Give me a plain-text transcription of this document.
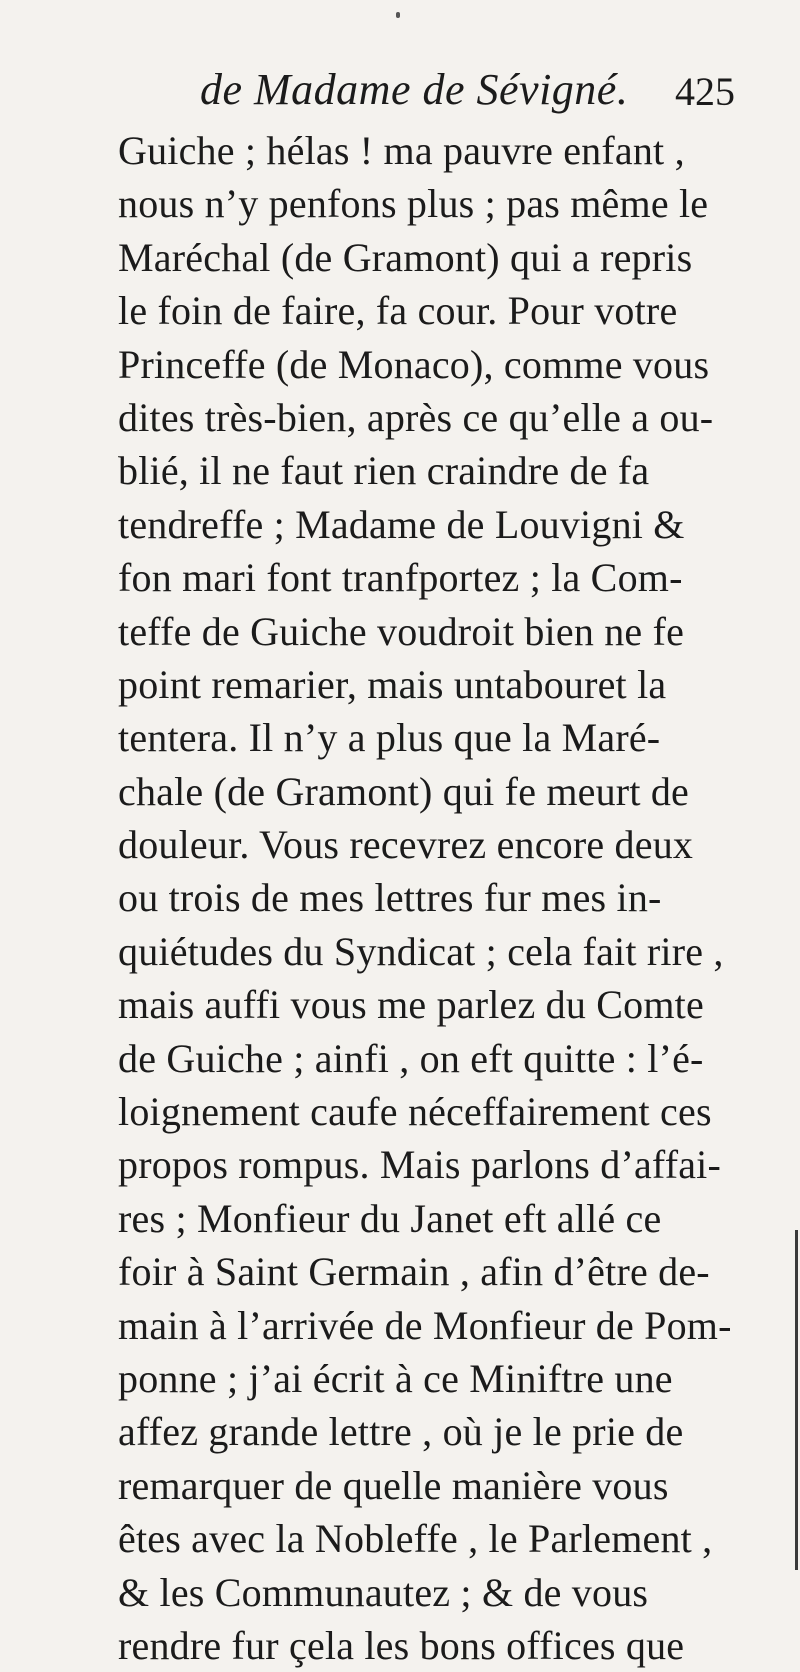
de Madame de Sévigné. 425
Guiche ; hélas ! ma pauvre enfant ,
nous n’y penfons plus ; pas même le
Maréchal (de Gramont) qui a repris
le foin de faire, fa cour. Pour votre
Princeffe (de Monaco), comme vous
dites très-bien, après ce qu’elle a ou-
blié, il ne faut rien craindre de fa
tendreffe ; Madame de Louvigni &
fon mari font tranfportez ; la Com-
teffe de Guiche voudroit bien ne fe
point remarier, mais untabouret la
tentera. Il n’y a plus que la Maré-
chale (de Gramont) qui fe meurt de
douleur. Vous recevrez encore deux
ou trois de mes lettres fur mes in-
quiétudes du Syndicat ; cela fait rire ,
mais auffi vous me parlez du Comte
de Guiche ; ainfi , on eft quitte : l’é-
loignement caufe néceffairement ces
propos rompus. Mais parlons d’affai-
res ; Monfieur du Janet eft allé ce
foir à Saint Germain , afin d’être de-
main à l’arrivée de Monfieur de Pom-
ponne ; j’ai écrit à ce Miniftre une
affez grande lettre , où je le prie de
remarquer de quelle manière vous
êtes avec la Nobleffe , le Parlement ,
& les Communautez ; & de vous
rendre fur çela les bons offices que
